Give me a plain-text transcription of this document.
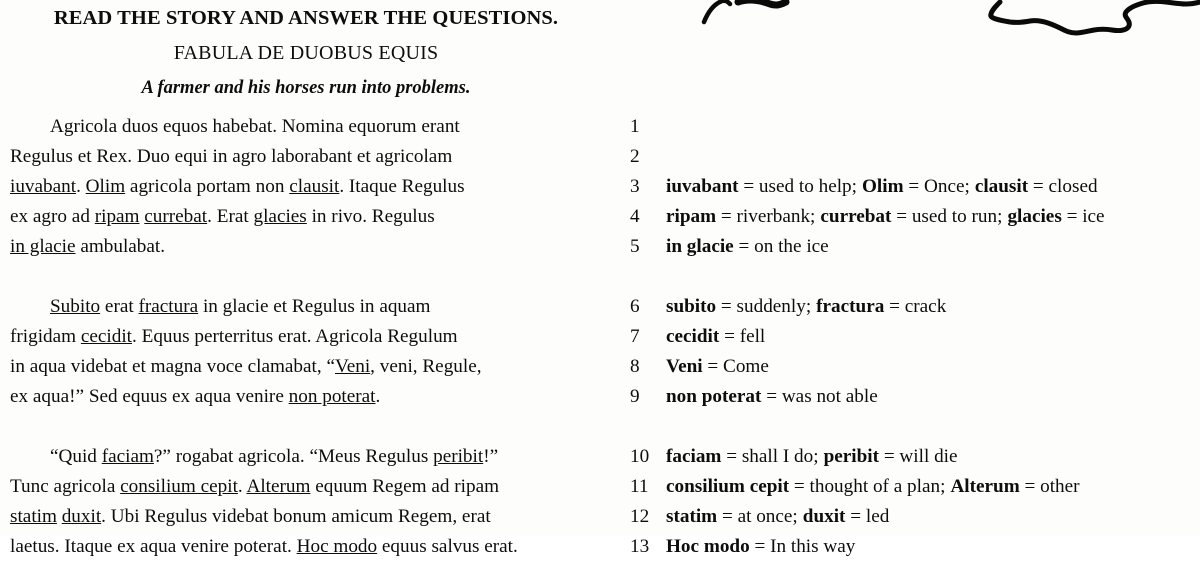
READ THE STORY AND ANSWER THE QUESTIONS.
FABULA DE DUOBUS EQUIS
A farmer and his horses run into problems.
Agricola duos equos habebat. Nomina equorum erant
Regulus et Rex. Duo equi in agro laborabant et agricolam
iuvabant. Olim agricola portam non clausit. Itaque Regulus
ex agro ad ripam currebat. Erat glacies in rivo. Regulus
in glacie ambulabat.
Subito erat fractura in glacie et Regulus in aquam
frigidam cecidit. Equus perterritus erat. Agricola Regulum
in aqua videbat et magna voce clamabat, “Veni, veni, Regule,
ex aqua!” Sed equus ex aqua venire non poterat.
“Quid faciam?” rogabat agricola. “Meus Regulus peribit!”
Tunc agricola consilium cepit. Alterum equum Regem ad ripam
statim duxit. Ubi Regulus videbat bonum amicum Regem, erat
laetus. Itaque ex aqua venire poterat. Hoc modo equus salvus erat.
1
2
3	iuvabant = used to help; Olim = Once; clausit = closed
4	ripam = riverbank; currebat = used to run; glacies = ice
5	in glacie = on the ice
6	subito = suddenly; fractura = crack
7	cecidit = fell
8	Veni = Come
9	non poterat = was not able
10 faciam = shall I do; peribit = will die
11 consilium cepit = thought of a plan; Alterum = other
12 statim = at once; duxit = led
13 Hoc modo = In this way
